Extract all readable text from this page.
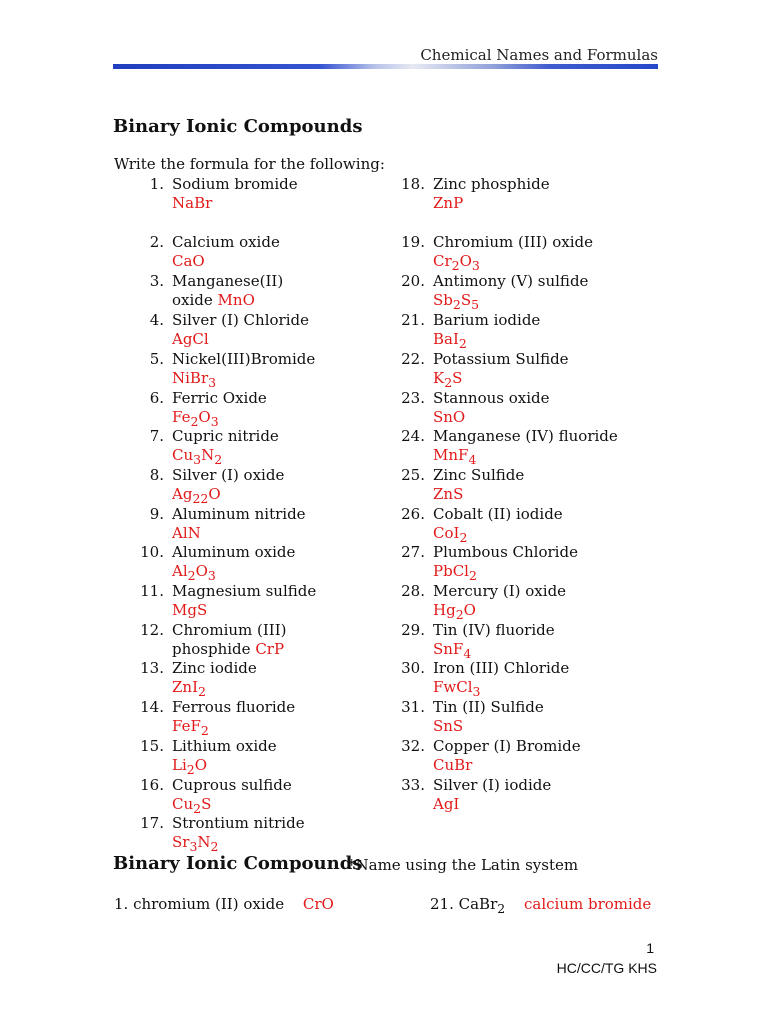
Chemical Names and Formulas
Binary Ionic Compounds
Write the formula for the following:
1. Sodium bromide
NaBr
2. Calcium oxide
CaO
3. Manganese(II)
oxide MnO
4. Silver (I) Chloride
AgCl
5. Nickel(III)Bromide
NiBr$_3$
6. Ferric Oxide
$Fe_2O_3$
7. Cupric nitride
$Cu_3N_2$
8. Silver (I) oxide
$Ag_{22}O$
9. Aluminum nitride
AlN
10. Aluminum oxide
$Al_2O_3$
11. Magnesium sulfide
MgS
12. Chromium (III)
phosphide CrP
13. Zinc iodide
ZnI$_2$
14. Ferrous fluoride
FeF$_2$
15. Lithium oxide
$Li_2O$
16. Cuprous sulfide
$Cu_2S$
17. Strontium nitride
$Sr_3N_2$
18. Zinc phosphide
ZnP
19. Chromium (III) oxide
$Cr_2O_3$
20. Antimony (V) sulfide
$Sb_2S_5$
21. Barium iodide
BaI$_2$
22. Potassium Sulfide
$K_2S$
23. Stannous oxide
SnO
24. Manganese (IV) fluoride
MnF$_4$
25. Zinc Sulfide
ZnS
26. Cobalt (II) iodide
CoI$_2$
27. Plumbous Chloride
PbCl$_2$
28. Mercury (I) oxide
$Hg_2O$
29. Tin (IV) fluoride
SnF$_4$
30. Iron (III) Chloride
FwCl$_3$
31. Tin (II) Sulfide
SnS
32. Copper (I) Bromide
CuBr
33. Silver (I) iodide
AgI
Binary Ionic Compounds
*Name using the Latin system
1. chromium (II) oxide CrO	21. CaBr$_2$ calcium bromide
1
HC/CC/TG KHS
